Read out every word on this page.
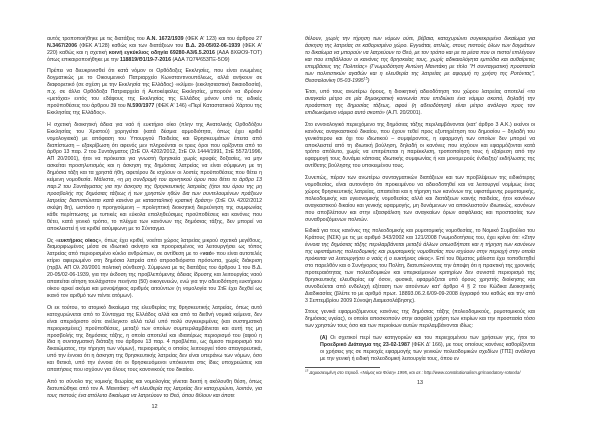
αυτός τροποποιήθηκε με τις διατάξεις του Α.Ν. 1672/1939 (ΦΕΚ Α' 123) και του άρθρου 27 Ν.3467/2006 (ΦΕΚ Α'128) καθώς και των διατάξεων του Β.Δ. 20-05/02-06-1939 (ΦΕΚ Α' 220) καθώς και η σχετική κοινή εγκύκλιος οδηγία 69280-Α3/6.5.2016 (ΑΔΑ 8ΧΘΟ9-ΤΟΤ) όπως επικαιροποιήθηκε με την 118819/Θ1/19-7-2016 (ΑΔΑ 7Ω7Ψ653ΠΞ-5Ο9)

Πρέπει να διευκρινισθεί ότι κατά νόμον οι Ορθόδοξες Εκκλησίες, που είναι ενωμένες δογματικώς με το Οικουμενικό Πατριαρχείο Κωνσταντινουπόλεως, αλλά ανήκουν σε διαφορετικό (σε σχέση με την Εκκλησία της Ελλάδος) «κλίμα» (εκκλησιαστική δικαιοδοσία), π.χ. σε άλλα Ορθόδοξα Πατριαρχεία ή Αυτοκέφαλες Εκκλησίες, μπορούν να ιδρύουν «μετόχια» εντός του εδάφους της Εκκλησίας της Ελλάδος μόνον υπό τις ειδικές προϋποθέσεις του άρθρου 39 του Ν.590/1977 (ΦΕΚ Α' 146) «Περί Καταστατικού Χάρτου της Εκκλησίας της Ελλάδος».

Η σχετική διοικητική άδεια για ναό ή ευκτήριο οίκο (πλην της Ανατολικής Ορθοδόξου Εκκλησίας του Χριστού) χορηγείται (κατά δέσμια αρμοδιότητα, όπως έχει κριθεί νομολογιακά) με απόφαση του Υπουργού Παιδείας και Θρησκευμάτων έπειτα από διαπίστωση – εξακρίβωση ότι αφενός μεν πληρούνται οι τρεις όροι που ορίζονται από το άρθρο 13 παρ. 2 του Συντάγματος (ΣτΕ Ολ 4202/2012, ΣτΕ Ολ 1444/1991, ΣτΕ 5572/1996, ΑΠ 20/2001), ήτοι να πρόκειται για γνωστή θρησκεία χωρίς κρυφές δοξασίες, να μην ασκείται προσηλυτισμός και η άσκηση της δημόσιας λατρείας να είναι σύμφωνη με τη δημόσια τάξη και τα χρηστά ήθη, αφετέρου δε ισχύουν οι λοιπές προϋποθέσεις που θέτει η κείμενη νομοθεσία. Μάλιστα, «η μη συνδρομή του αρνητικού όρου που θέτει το άρθρο 13 παρ.2 του Συντάγματος για την άσκηση της θρησκευτικής λατρείας (ήτοι του όρου της μη προσβολής της δημόσιας τάξεως ή των χρηστών ηθών δια των συντελουμένων πράξεων λατρείας διαπιστώνεται κατά κανόνα με κατασταλτική κρατική δράση» (ΣτΕ Ολ 4202/2012 σκέψη 8η), ωστόσο η προηγούμενη – προληπτική διοικητική διερεύνηση της συμφωνίας κάθε περίπτωσης με τυπικές και εύκολα επαληθεύσιμες προϋποθέσεις και κανόνες που θέτει, κατά γενικό τρόπο, το πλέγμα των κανόνων της δημόσιας τάξης, δεν μπορεί να αποκλειστεί ή να κριθεί ασύμφωνη με το Σύνταγμα.

Ως «ευκτήριος οίκος», όπως έχει κριθεί, νοείται χώρος λατρείας μικρού σχετικά μεγέθους, διαμορφωμένος μέσα σε ιδιωτικό ακίνητο και προορισμένος να λειτουργήσει ως τόπος λατρείας από περιορισμένο κύκλο ανθρώπων, σε αντίθεση με το «ναό» που είναι αυτοτελές κτίριο αφιερωμένο στη δημόσια λατρεία από απροσδιόριστα πρόσωπα, χωρίς διάκριση (πρβλ. ΑΠ Ολ 20/2001 πολιτική σύνθεση). Σύμφωνα με τις διατάξεις του άρθρου 1 του Β.Δ. 20-05/02-06-1939, για την έκδοση της προβλεπόμενης άδειας ίδρυσης και λειτουργίας ναού απαιτείται αίτηση τουλάχιστον πενήντα (50) οικογενειών, ενώ για την αδειοδότηση ευκτήριου οίκου αρκεί ακόμα και μονοψήφιος αριθμός αιτούντων (η νομολογία του ΣτΕ έχει δεχθεί ως ικανό τον αριθμό των πέντε ατόμων).

Οι εκ τούτου, το ατομικό δικαίωμα της ελευθερίας της θρησκευτικής λατρείας, όπως αυτό κατοχυρώνεται από το Σύνταγμα της Ελλάδος αλλά και από τα διεθνή νομικά κείμενα, δεν είναι απεριόριστο ούτε ανέλεγκτο αλλά τελεί υπό πολύ συγκεκριμένες (και συστηματικά περιορισμένες) προϋποθέσεις, μεταξύ των οποίων συμπεριλαμβάνεται και αυτή της μη προσβολής της δημόσιας τάξης, η οποία αποτελεί και ιδιαιτέρως περιορισμό του (αφού η ίδια η συνταγματική διάταξη του άρθρου 13 παρ. 4 προβλέπει, ως άμεσο περιορισμό του δικαιώματος, την τήρηση των νόμων), περιορισμός ο οποίος λειτουργεί τόσο απαγορευτικά, υπό την έννοια ότι η άσκηση της θρησκευτικής λατρείας δεν είναι υπεράνω των νόμων, όσο και θετικά, υπό την έννοια ότι οι θρησκευόμενοι υπόκεινται στις ίδιες υποχρεώσεις και απαιτήσεις που ισχύουν για όλους τους κανονικούς του δικαίου.

Από το σύνολο της νομικής θεωρίας και νομολογίας γίνεται δεκτή η ακόλουθη θέση, όπως διατυπώθηκε από τον Α. Μανιτάκη: «Η ελευθερία της λατρείας δεν κατοχυρώνει, λοιπόν, για τους πιστούς ένα απόλυτο δικαίωμα να λατρεύουν το Θεό, όπου θέλουν και όποτε

12

θέλουν, χωρίς την τήρηση των νόμων ούτε, βέβαια, κατοχυρώνει συγκεκριμένο δικαίωμα για άσκηση της λατρείας σε καθορισμένο χώρο. Εγγυάται, απλώς, στους πιστούς όλων των δογμάτων το δικαίωμα να μπορούν να λατρεύουν το Θεό, με τον τρόπο και με τα μέσα που οι πιστοί επιλέγουν και που επιβάλλουν οι κανόνες της θρησκείας τους, χωρίς αδικαιολόγητα εμπόδια και αυθαίρετες επεμβάσεις της Πολιτείας» (Γνωμοδότηση Αντώνη Μανιτάκη με τίτλο "Η συνταγματική προστασία των πολιτιστικών αγαθών και η ελευθερία της λατρείας με αφορμή τη χρήση της Ροτόντας", Θεσσαλονίκη 05-03-1995$^{15}$)

Έτσι, υπό τους ανωτέρω όρους, η διοικητική αδειοδότηση του χώρου λατρείας αποτελεί «το αναγκαίο μέτρο σε μία δημοκρατική κοινωνία που επιδιώκει ένα νόμιμο σκοπό, δηλαδή την προάσπιση της δημοσίας τάξεως, αφού (η αδειοδότηση) είναι μέτρο ανάλογο προς τον επιδιωκόμενο νόμιμο αυτό σκοπό» (Α.Π. 20/2001).

Στο εννοιολογικό περιεχόμενο της δημόσιας τάξης περιλαμβάνονται (κατ' άρθρο 3 Α.Κ.) εκείνοι οι κανόνες αναγκαστικού δικαίου, που έχουν τεθεί προς εξυπηρέτηση του δημοσίου – δηλαδή του γενικότερου και όχι του ιδιωτικού – συμφέροντος, η εφαρμογή των οποίων δεν μπορεί να αποκλειστεί από τη ιδιωτική βούληση, δηλαδή οι κανόνες που ισχύουν και εφαρμόζονται κατά τρόπο απόλυτο, χωρίς να επιτρέπεται η παρέκκλιση, τροποποίηση τους ή εξαίρεση από την εφαρμογή τους δυνάμει κάποιας ιδιωτικής συμφωνίας ή και μονομερούς ένδειξης/ εκδήλωσης της αντίθετης βούλησης του υποκειμένου τους.

Συνεπώς, πέραν των ανωτέρω συνταγματικών διατάξεων και των προβλέψεων της ειδικότερης νομοθεσίας, είναι αυτονόητο ότι προκειμένου να αδειοδοτηθεί και να λειτουργεί νομίμως ένας χώρος θρησκευτικής λατρείας, απαιτείται και η τήρηση των κανόνων της υφιστάμενης ρυμοτομικής, πολεοδομικής και υγειονομικής νομοθεσίας αλλά και διατάξεων καινής παιδείας, ήτοι κανόνων αναγκαστικού δικαίου και γενικής εφαρμογής, μη δυνάμενων να αποκλειστούν ιδιωτικώς, κανόνων που αποβλέπουν και στην εξασφάλιση των αναγκαίων όρων ασφάλειας και προστασίας των συναθροιζόμενων πολιτών.

Ειδικά για τους κανόνες της πολεοδομικής και ρυμοτομικής νομοθεσίας, το Νομικό Συμβούλιο του Κράτους (ΝΣΚ) με τις με αριθμό 343/2002 και 121/2008 Γνωμοδοτήσεις του, έχει κρίνει ότι: «Στην έννοια της δημόσιας τάξης περιλαμβάνεται μεταξύ άλλων οπωσδήποτε και η τήρηση των κανόνων της υφιστάμενης πολεοδομικής και ρυμοτομικής νομοθεσίας που ισχύουν στην περιοχή στην οποία πρόκειται να λειτουργήσει ο ναός ή ο ευκτήριος οίκος». Επί του θέματος μάλιστα έχει τοποθετηθεί στο παρελθόν και ο Συνήγορος του Πολίτη, διατυπώνοντας την άποψη ότι η πρακτική της χρονικής προτεραιότητας των πολεοδομικών και υπερκείμενων κριτηρίων δεν συνιστά περιορισμό της θρησκευτικής ελευθερίας εφ' όσον, φυσικά, εφαρμόζεται υπό όρους χρηστής διοίκησης και συνοδεύεται από ενδελεχή εξέταση των αιτούντων κατ' άρθρο 4 § 2 του Κώδικα Διοικητικής Διαδικασίας (βλέπε το με αριθμό πρωτ. 18893.06.2.6/09-09-2008 έγγραφό του καθώς και την από 3 Σεπτεμβρίου 2009 Σύνοψη Διαμεσολάβησης).

Στους γενικά εφαρμοζόμενους κανόνες της δημόσιας τάξης (πολεοδομικούς, ρυμοτομικούς και δημόσιας υγείας), οι οποίοι αποσκοπούν στην ασφαλή χρήση των κτιρίων και την προστασία τόσο των χρηστών τους όσο και των περιοίκων αυτών περιλαμβάνονται ιδίως:

(Α) Οι σχετικοί περί των κατηγοριών και του περιεχομένου των χρήσεων γης, ήτοι το Προεδρικό Διάταγμα της 23-02-1987 (ΦΕΚ Δ' 166), με τους οποίους κανόνες καθορίζονται οι χρήσεις γης σε περιοχές εφαρμογής των γενικών πολεοδομικών σχεδίων (ΓΠΣ) ανάλογα με την γενική ή ειδική πολεοδομική λειτουργία τους, όπου εν

$^{15}$ Δημοσιευμένη στο περιοδ. «Νόμος και Φύση» 1995, και σε : http://www.constitutionalism.gr/mandatory-rotonda/
13
